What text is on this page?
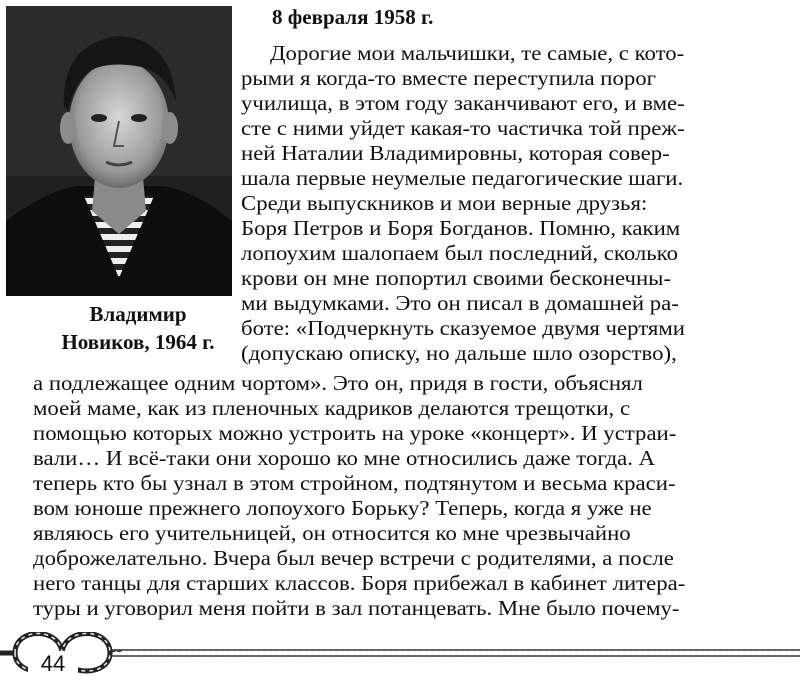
Владимир
Новиков, 1964 г.
8 февраля 1958 г.
Дорогие мои мальчишки, те самые, с кото-
рыми я когда-то вместе переступила порог
училища, в этом году заканчивают его, и вме-
сте с ними уйдет какая-то частичка той преж-
ней Наталии Владимировны, которая совер-
шала первые неумелые педагогические шаги.
Среди выпускников и мои верные друзья:
Боря Петров и Боря Богданов. Помню, каким
лопоухим шалопаем был последний, сколько
крови он мне попортил своими бесконечны-
ми выдумками. Это он писал в домашней ра-
боте: «Подчеркнуть сказуемое двумя чертями
(допускаю описку, но дальше шло озорство),
а подлежащее одним чортом». Это он, придя в гости, объяснял
моей маме, как из пленочных кадриков делаются трещотки, с
помощью которых можно устроить на уроке «концерт». И устраи-
вали… И всё-таки они хорошо ко мне относились даже тогда. А
теперь кто бы узнал в этом стройном, подтянутом и весьма краси-
вом юноше прежнего лопоухого Борьку? Теперь, когда я уже не
являюсь его учительницей, он относится ко мне чрезвычайно
доброжелательно. Вчера был вечер встречи с родителями, а после
него танцы для старших классов. Боря прибежал в кабинет литера-
туры и уговорил меня пойти в зал потанцевать. Мне было почему-
44
